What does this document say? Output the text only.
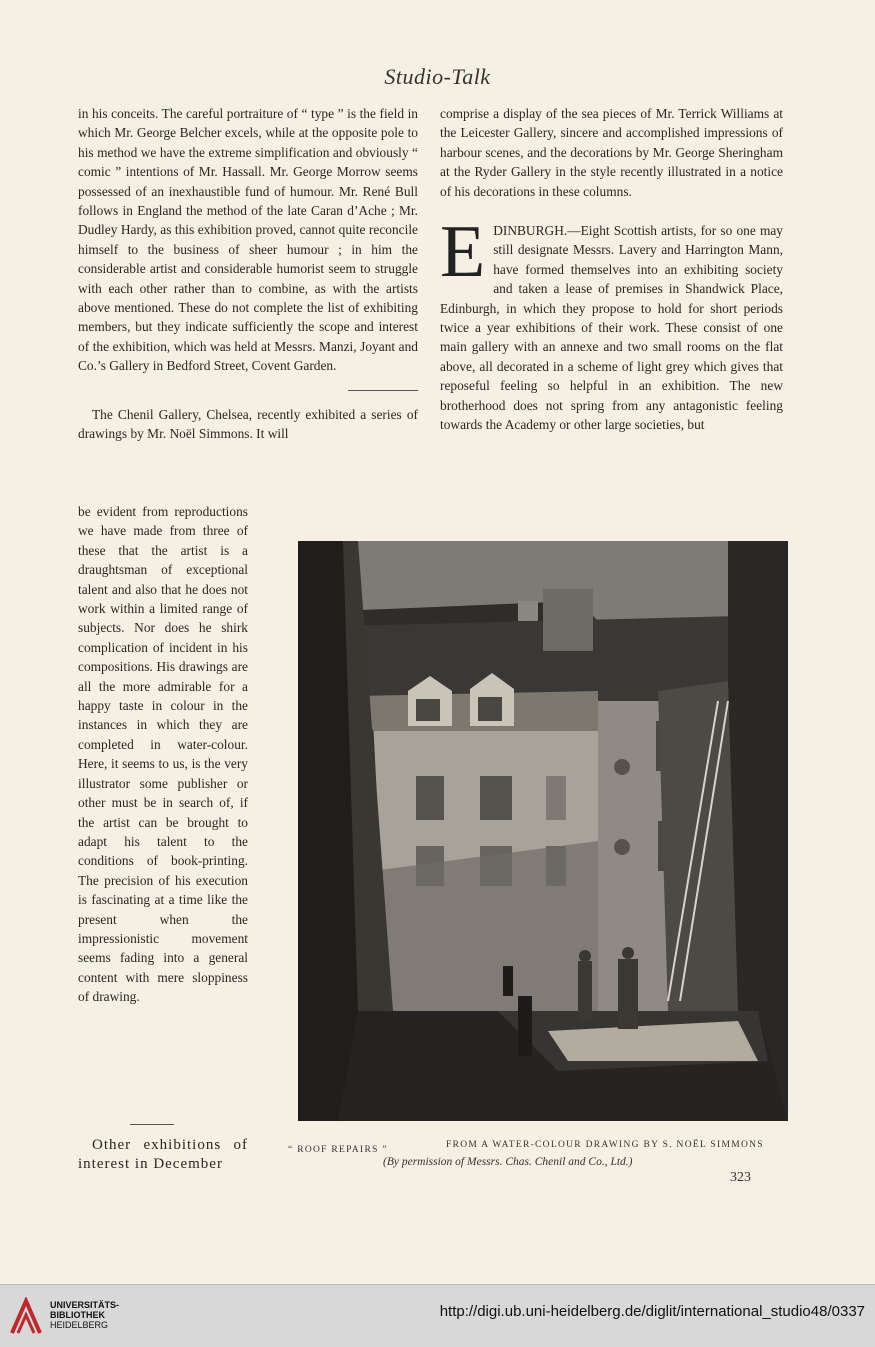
Studio-Talk

in his conceits. The careful portraiture of “ type ” is the field in which Mr. George Belcher excels, while at the opposite pole to his method we have the extreme simplification and obviously “ comic ” intentions of Mr. Hassall. Mr. George Morrow seems possessed of an inexhaustible fund of humour. Mr. René Bull follows in England the method of the late Caran d’Ache ; Mr. Dudley Hardy, as this exhibition proved, cannot quite reconcile himself to the business of sheer humour ; in him the considerable artist and considerable humorist seem to struggle with each other rather than to combine, as with the artists above mentioned. These do not complete the list of exhibiting members, but they indicate sufficiently the scope and interest of the exhibition, which was held at Messrs. Manzi, Joyant and Co.’s Gallery in Bedford Street, Covent Garden.

The Chenil Gallery, Chelsea, recently exhibited a series of drawings by Mr. Noël Simmons. It will

be evident from reproductions we have made from three of these that the artist is a draughtsman of exceptional talent and also that he does not work within a limited range of subjects. Nor does he shirk complication of incident in his compositions. His drawings are all the more admirable for a happy taste in colour in the instances in which they are completed in water-colour. Here, it seems to us, is the very illustrator some publisher or other must be in search of, if the artist can be brought to adapt his talent to the conditions of book-printing. The precision of his execution is fascinating at a time like the present when the impressionistic movement seems fading into a general content with mere sloppiness of drawing.

Other exhibitions of interest in December

comprise a display of the sea pieces of Mr. Terrick Williams at the Leicester Gallery, sincere and accomplished impressions of harbour scenes, and the decorations by Mr. George Sheringham at the Ryder Gallery in the style recently illustrated in a notice of his decorations in these columns.

EDINBURGH.—Eight Scottish artists, for so one may still designate Messrs. Lavery and Harrington Mann, have formed themselves into an exhibiting society and taken a lease of premises in Shandwick Place, Edinburgh, in which they propose to hold for short periods twice a year exhibitions of their work. These consist of one main gallery with an annexe and two small rooms on the flat above, all decorated in a scheme of light grey which gives that reposeful feeling so helpful in an exhibition. The new brotherhood does not spring from any antagonistic feeling towards the Academy or other large societies, but

“ ROOF REPAIRS ”	FROM A WATER-COLOUR DRAWING BY S. NOËL SIMMONS
(By permission of Messrs. Chas. Chenil and Co., Ltd.)
323
UNIVERSITÄTS-
BIBLIOTHEK
HEIDELBERG
http://digi.ub.uni-heidelberg.de/diglit/international_studio48/0337
